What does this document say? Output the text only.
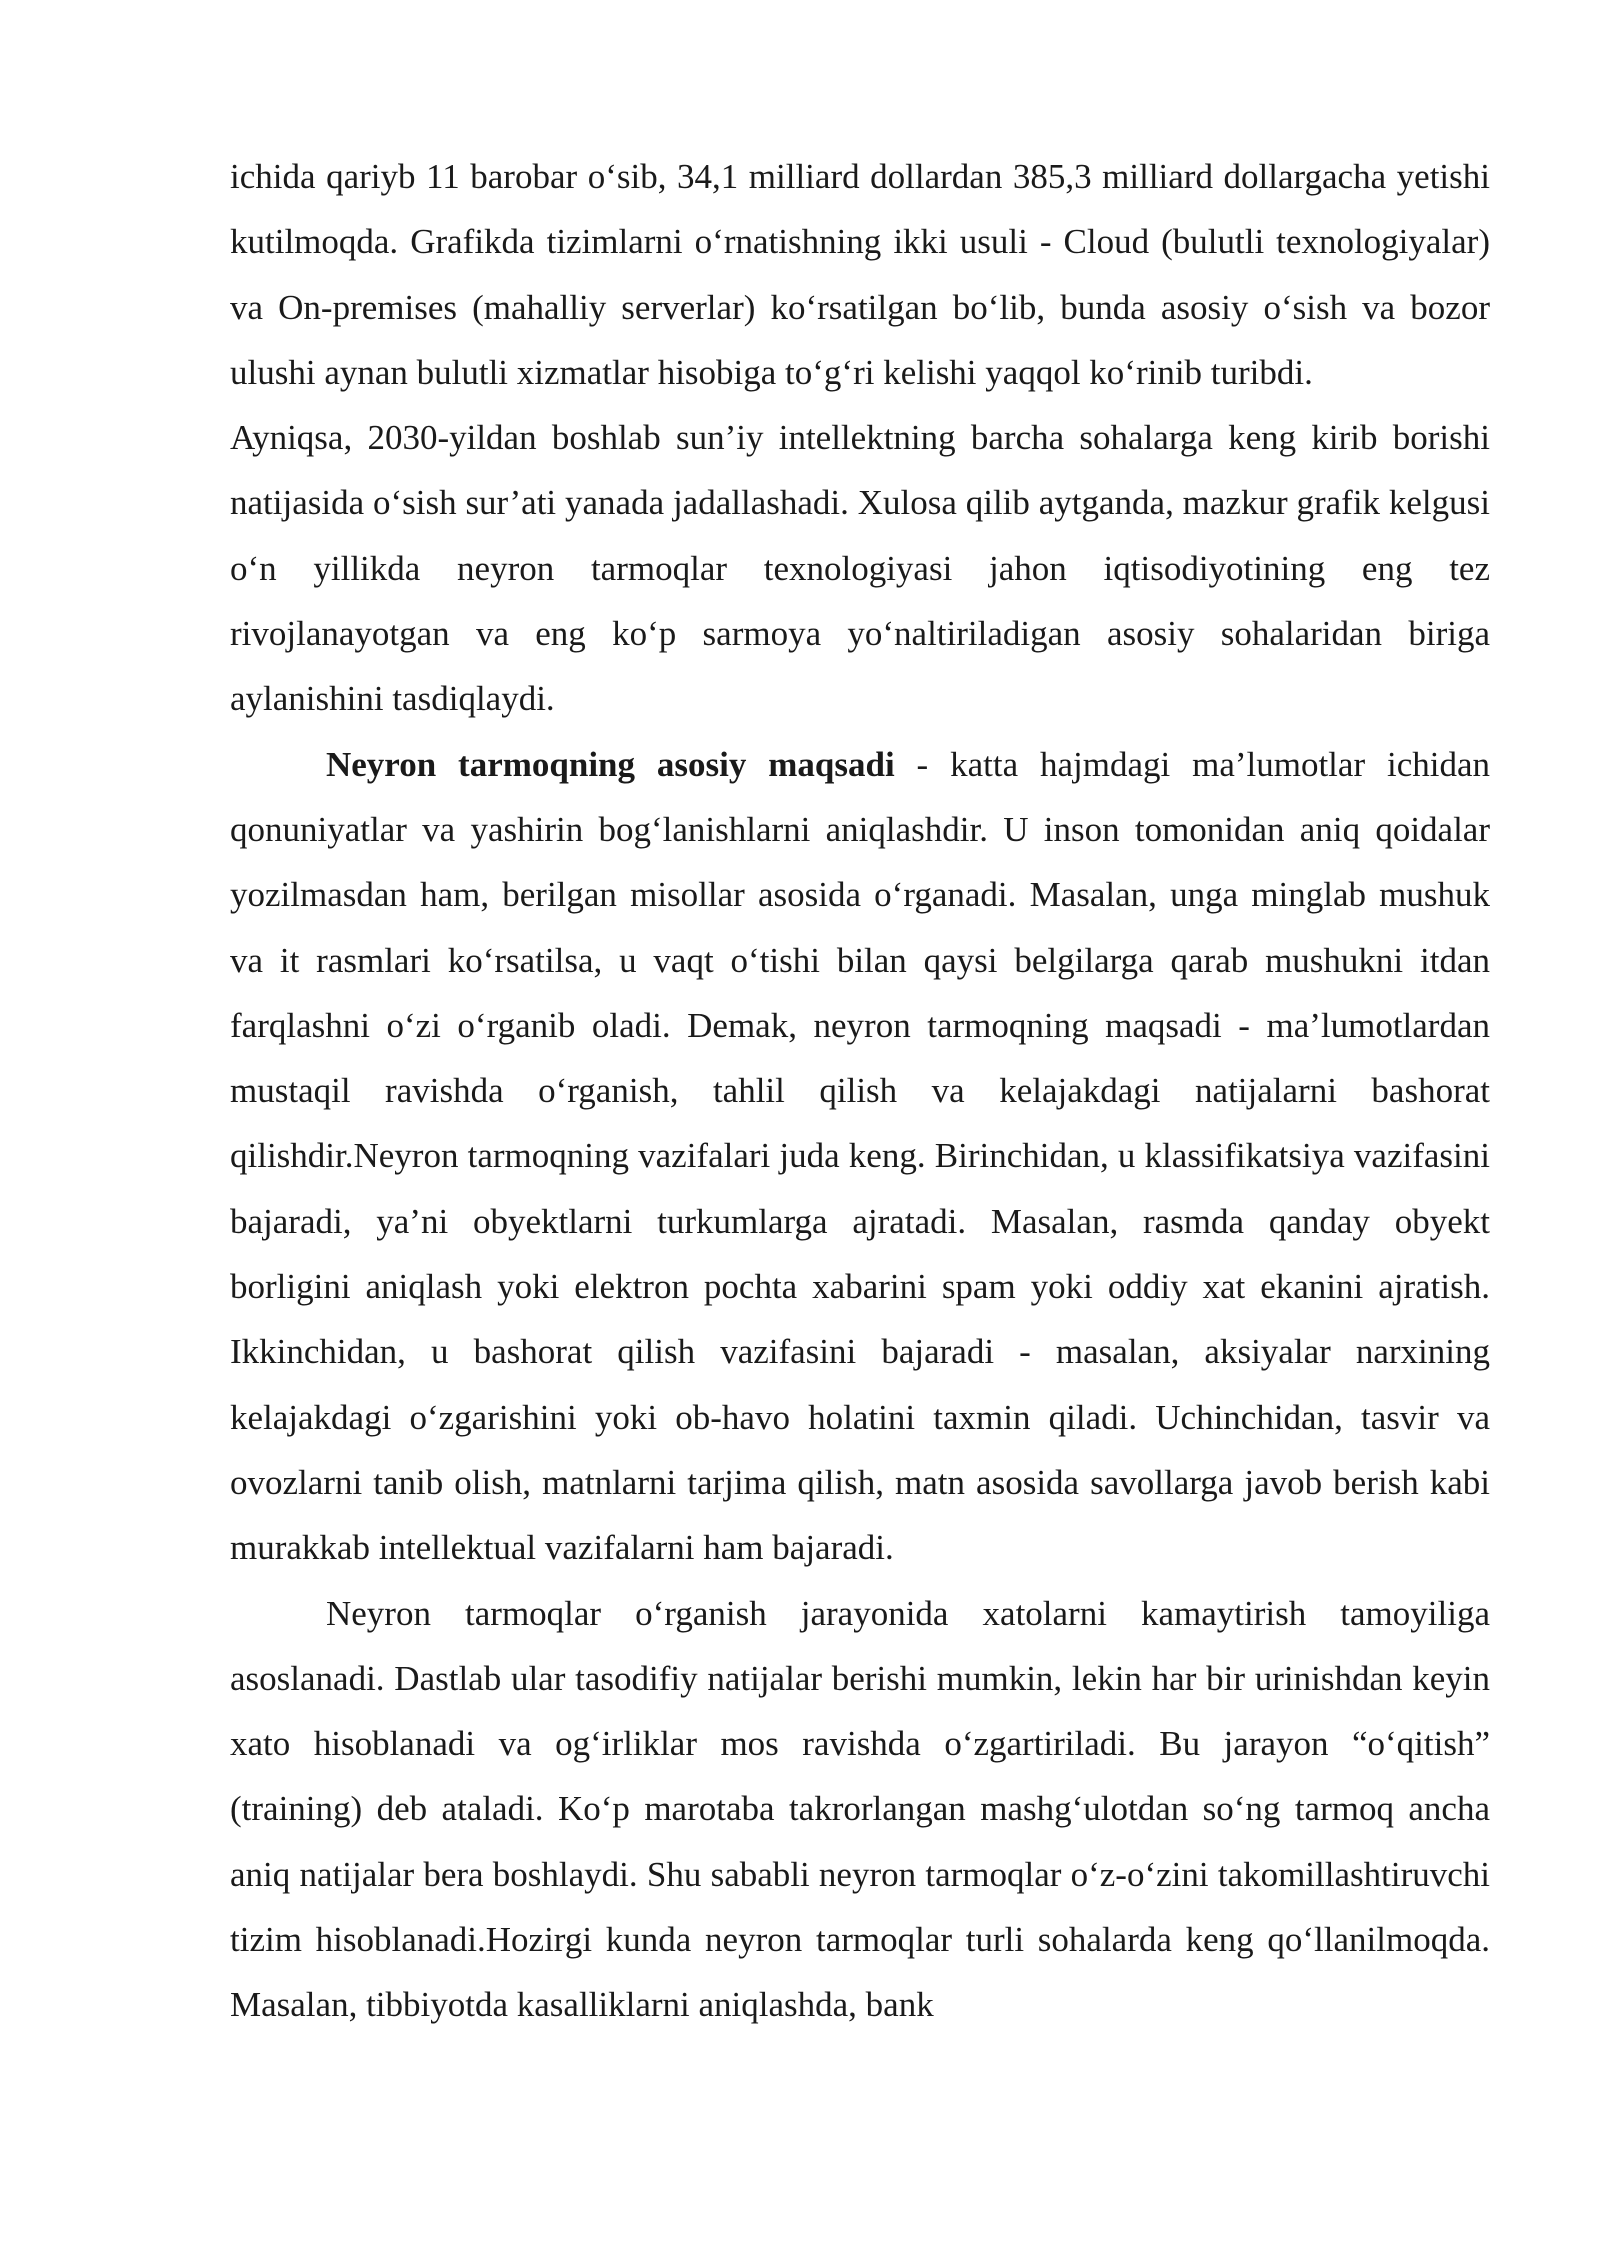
ichida qariyb 11 barobar o‘sib, 34,1 milliard dollardan 385,3 milliard dollargacha yetishi kutilmoqda. Grafikda tizimlarni o‘rnatishning ikki usuli - Cloud (bulutli texnologiyalar) va On-premises (mahalliy serverlar) ko‘rsatilgan bo‘lib, bunda asosiy o‘sish va bozor ulushi aynan bulutli xizmatlar hisobiga to‘g‘ri kelishi yaqqol ko‘rinib turibdi.

Ayniqsa, 2030-yildan boshlab sun’iy intellektning barcha sohalarga keng kirib borishi natijasida o‘sish sur’ati yanada jadallashadi. Xulosa qilib aytganda, mazkur grafik kelgusi o‘n yillikda neyron tarmoqlar texnologiyasi jahon iqtisodiyotining eng tez rivojlanayotgan va eng ko‘p sarmoya yo‘naltiriladigan asosiy sohalaridan biriga aylanishini tasdiqlaydi.

Neyron tarmoqning asosiy maqsadi - katta hajmdagi ma’lumotlar ichidan qonuniyatlar va yashirin bog‘lanishlarni aniqlashdir. U inson tomonidan aniq qoidalar yozilmasdan ham, berilgan misollar asosida o‘rganadi. Masalan, unga minglab mushuk va it rasmlari ko‘rsatilsa, u vaqt o‘tishi bilan qaysi belgilarga qarab mushukni itdan farqlashni o‘zi o‘rganib oladi. Demak, neyron tarmoqning maqsadi - ma’lumotlardan mustaqil ravishda o‘rganish, tahlil qilish va kelajakdagi natijalarni bashorat qilishdir.Neyron tarmoqning vazifalari juda keng. Birinchidan, u klassifikatsiya vazifasini bajaradi, ya’ni obyektlarni turkumlarga ajratadi. Masalan, rasmda qanday obyekt borligini aniqlash yoki elektron pochta xabarini spam yoki oddiy xat ekanini ajratish. Ikkinchidan, u bashorat qilish vazifasini bajaradi - masalan, aksiyalar narxining kelajakdagi o‘zgarishini yoki ob-havo holatini taxmin qiladi. Uchinchidan, tasvir va ovozlarni tanib olish, matnlarni tarjima qilish, matn asosida savollarga javob berish kabi murakkab intellektual vazifalarni ham bajaradi.

Neyron tarmoqlar o‘rganish jarayonida xatolarni kamaytirish tamoyiliga asoslanadi. Dastlab ular tasodifiy natijalar berishi mumkin, lekin har bir urinishdan keyin xato hisoblanadi va og‘irliklar mos ravishda o‘zgartiriladi. Bu jarayon “o‘qitish” (training) deb ataladi. Ko‘p marotaba takrorlangan mashg‘ulotdan so‘ng tarmoq ancha aniq natijalar bera boshlaydi. Shu sababli neyron tarmoqlar o‘z-o‘zini takomillashtiruvchi tizim hisoblanadi.Hozirgi kunda neyron tarmoqlar turli sohalarda keng qo‘llanilmoqda. Masalan, tibbiyotda kasalliklarni aniqlashda, bank
